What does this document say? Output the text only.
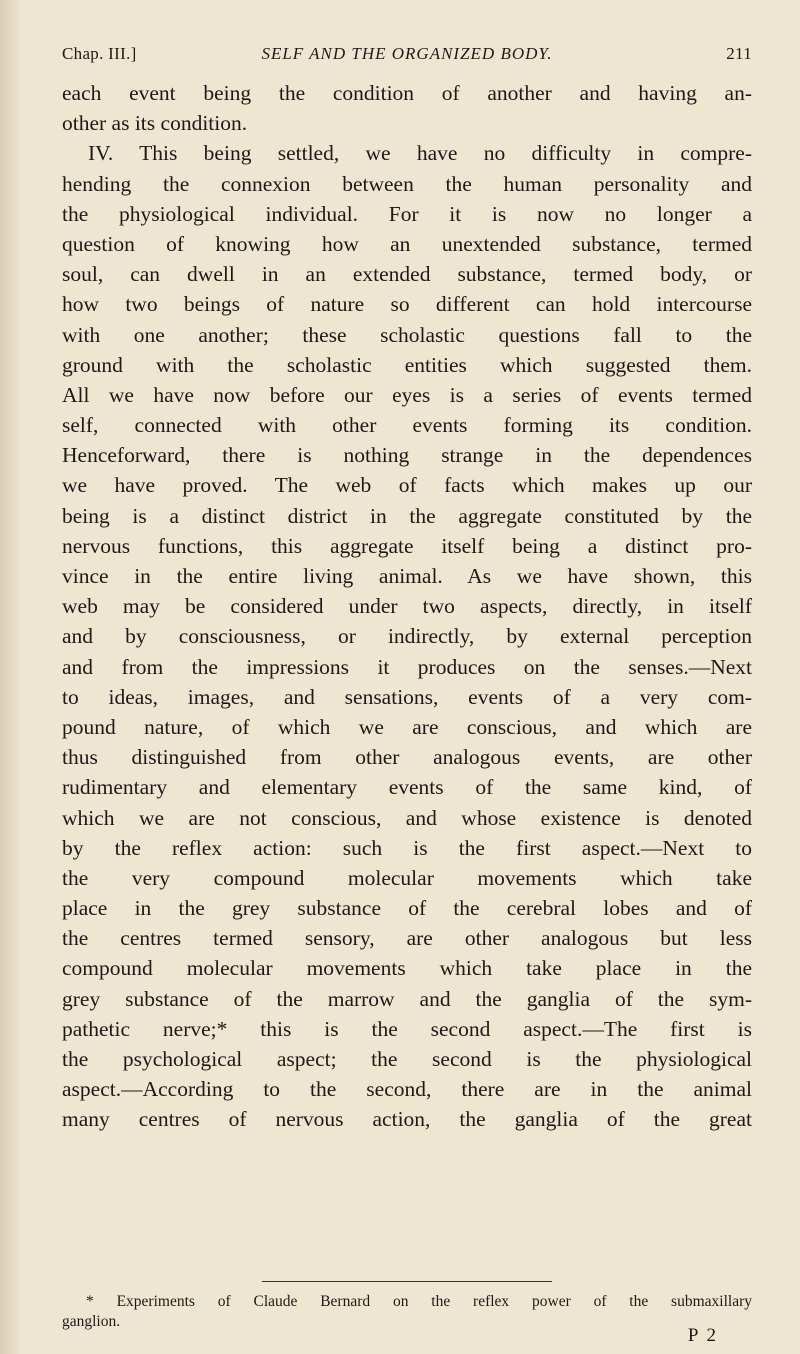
Chap. III.]	SELF AND THE ORGANIZED BODY.	211
each event being the condition of another and having an-
other as its condition.
IV. This being settled, we have no difficulty in compre-
hending the connexion between the human personality and
the physiological individual. For it is now no longer a
question of knowing how an unextended substance, termed
soul, can dwell in an extended substance, termed body, or
how two beings of nature so different can hold intercourse
with one another; these scholastic questions fall to the
ground with the scholastic entities which suggested them.
All we have now before our eyes is a series of events termed
self, connected with other events forming its condition.
Henceforward, there is nothing strange in the dependences
we have proved. The web of facts which makes up our
being is a distinct district in the aggregate constituted by the
nervous functions, this aggregate itself being a distinct pro-
vince in the entire living animal. As we have shown, this
web may be considered under two aspects, directly, in itself
and by consciousness, or indirectly, by external perception
and from the impressions it produces on the senses.—Next
to ideas, images, and sensations, events of a very com-
pound nature, of which we are conscious, and which are
thus distinguished from other analogous events, are other
rudimentary and elementary events of the same kind, of
which we are not conscious, and whose existence is denoted
by the reflex action: such is the first aspect.—Next to
the very compound molecular movements which take
place in the grey substance of the cerebral lobes and of
the centres termed sensory, are other analogous but less
compound molecular movements which take place in the
grey substance of the marrow and the ganglia of the sym-
pathetic nerve;* this is the second aspect.—The first is
the psychological aspect; the second is the physiological
aspect.—According to the second, there are in the animal
many centres of nervous action, the ganglia of the great
* Experiments of Claude Bernard on the reflex power of the submaxillary
ganglion.
P 2
